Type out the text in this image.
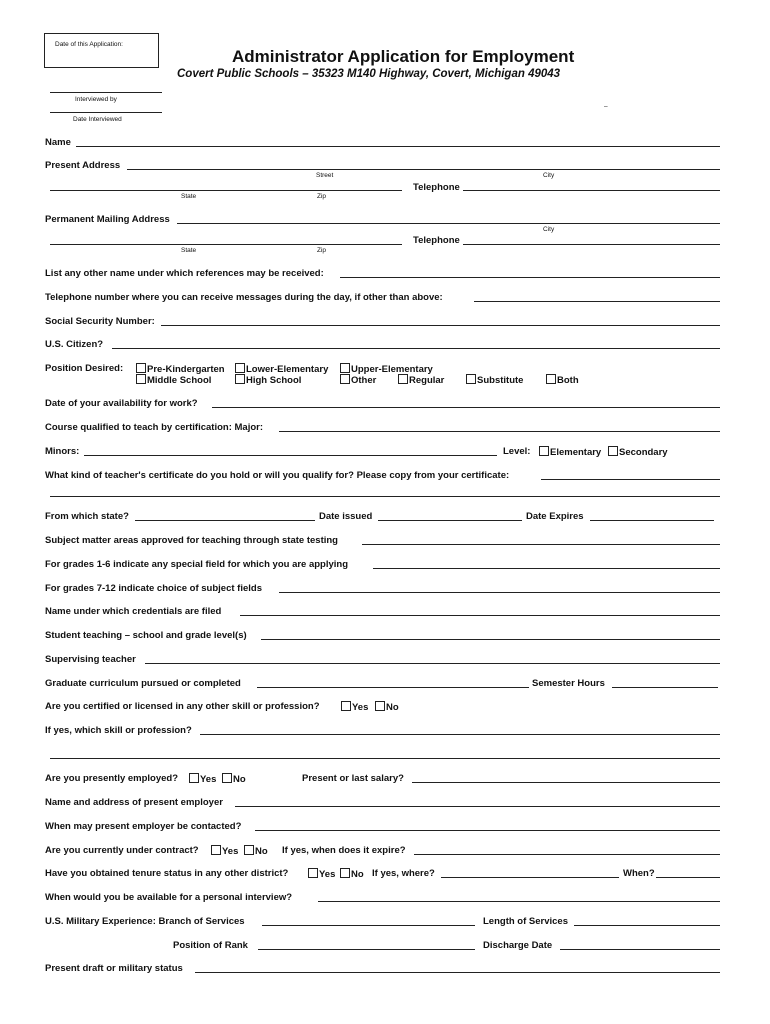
Date of this Application:
Administrator Application for Employment
Covert Public Schools – 35323 M140 Highway, Covert, Michigan 49043
Interviewed by
Date Interviewed
–
Name
Present Address
Street	City
Telephone
State	Zip
Permanent Mailing Address
City
Telephone
State	Zip
List any other name under which references may be received:
Telephone number where you can receive messages during the day, if other than above:
Social Security Number:
U.S. Citizen?
Position Desired:	Pre-Kindergarten	Lower-Elementary	Upper-Elementary
Middle School	High School	Other	Regular	Substitute	Both
Date of your availability for work?
Course qualified to teach by certification: Major:
Minors:	Level:	Elementary	Secondary
What kind of teacher's certificate do you hold or will you qualify for? Please copy from your certificate:
From which state?	Date issued	Date Expires
Subject matter areas approved for teaching through state testing
For grades 1-6 indicate any special field for which you are applying
For grades 7-12 indicate choice of subject fields
Name under which credentials are filed
Student teaching – school and grade level(s)
Supervising teacher
Graduate curriculum pursued or completed	Semester Hours
Are you certified or licensed in any other skill or profession?	Yes	No
If yes, which skill or profession?
Are you presently employed?	Yes	No	Present or last salary?
Name and address of present employer
When may present employer be contacted?
Are you currently under contract?	Yes	No If yes, when does it expire?
Have you obtained tenure status in any other district?	Yes	No If yes, where?	When?
When would you be available for a personal interview?
U.S. Military Experience: Branch of Services	Length of Services
Position of Rank	Discharge Date
Present draft or military status
